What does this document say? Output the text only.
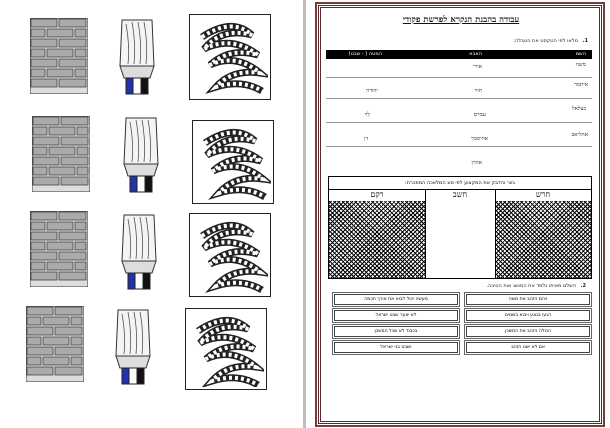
עבודה בהבנת הנקרא לפרשת פקודי
1. מלאו לפי הטקסט את הטבלה:
השם
האבא
המטה ( - שבט)
משה
אורי
איתמר
חור
יהודה
בצלאל
עמרם
לוי
אהליאב
אחיסמך
דן
אהרן
גזור והדבק את המקצוע לפי סוג המלאכה המוזכרת:
חרש
חשב
רקם
2. השלם מאיתו נלמד את המושג ואת הסיבה.
ויהם הזהב את משה
מעשה יכול לבוא את אורך חכמה
הנעו בנוגע ויבוא בשמים
לא יצער שבט ישראל
הנזלה הזהב את המשכן
בכבוד לא שכל המשכן
אם לא ישגו הזהב
ושבט בני ישראל
